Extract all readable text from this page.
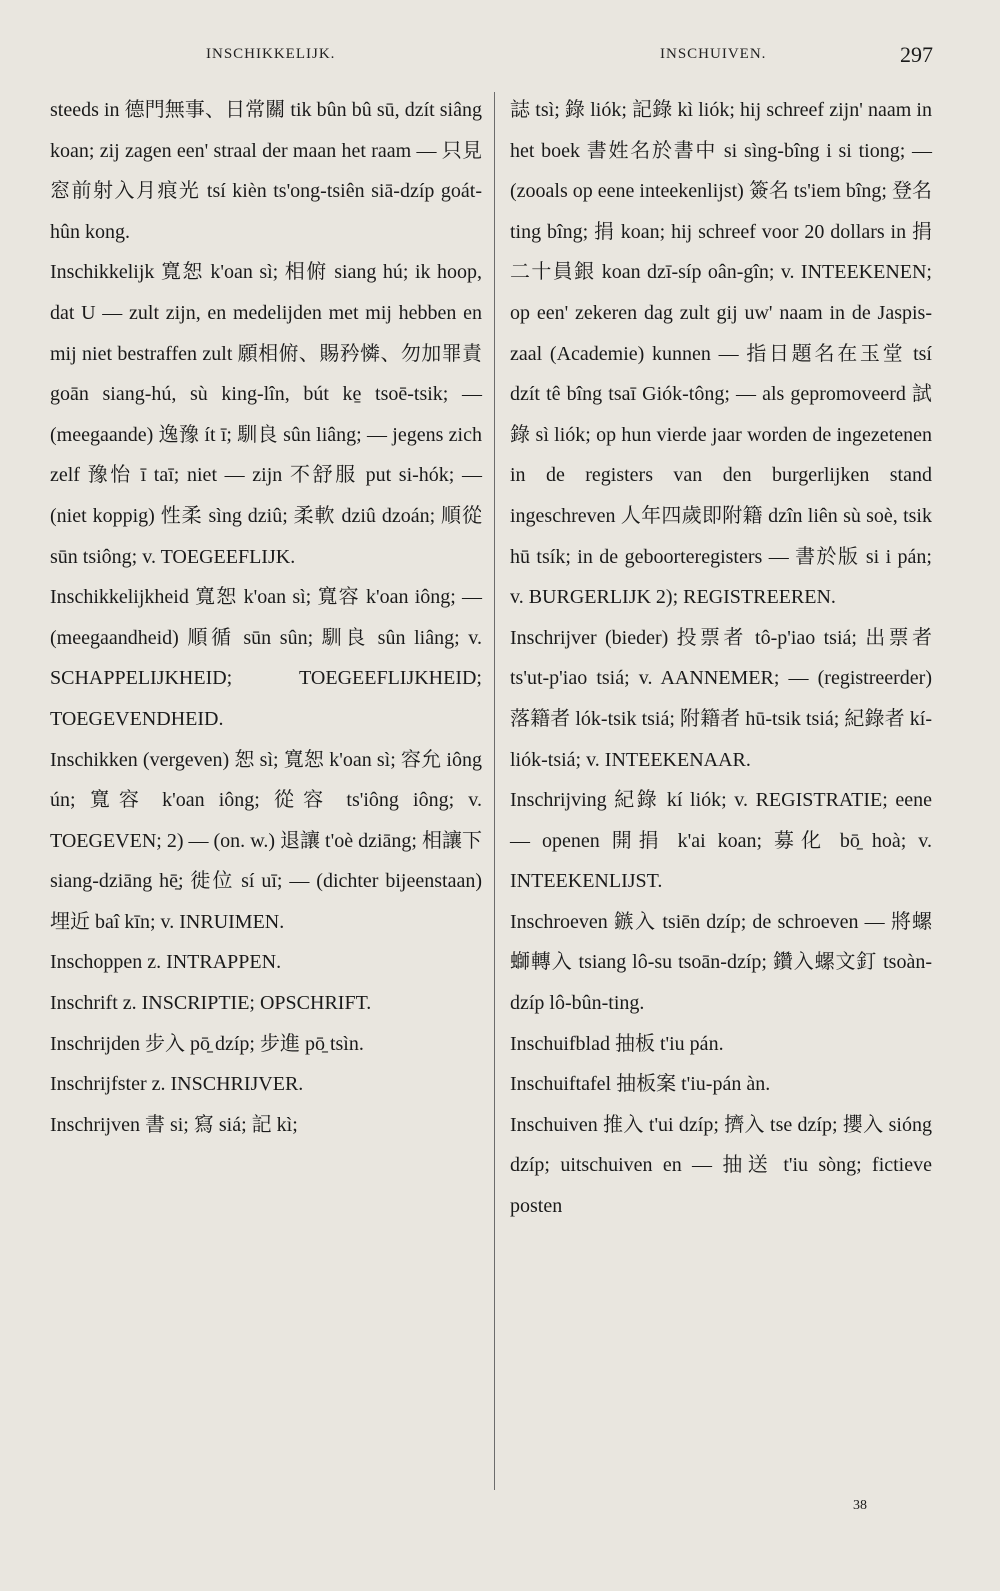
INSCHIKKELIJK.	INSCHUIVEN.	297

steeds in 德門無事、日常關 tik bûn bû sū, dzít siâng koan; zij zagen een' straal der maan het raam — 只見窓前射入月痕光 tsí kièn ts'ong-tsiên siā-dzíp goát-hûn kong.

Inschikkelijk 寬恕 k'oan sì; 相俯 siang hú; ik hoop, dat U — zult zijn, en medelijden met mij hebben en mij niet bestraffen zult 願相俯、賜矜憐、勿加罪責 goān siang-hú, sù king-lîn, bút ke̱ tsoē-tsik; — (meegaande) 逸豫 ít ī; 馴良 sûn liâng; — jegens zich zelf 豫怡 ī taī; niet — zijn 不舒服 put si-hók; — (niet koppig) 性柔 sìng dziû; 柔軟 dziû dzoán; 順從 sūn tsiông; v. TOEGEEFLIJK.

Inschikkelijkheid 寬恕 k'oan sì; 寬容 k'oan iông; — (meegaandheid) 順循 sūn sûn; 馴良 sûn liâng; v. SCHAPPELIJKHEID; TOEGEEFLIJKHEID; TOEGEVENDHEID.

Inschikken (vergeven) 恕 sì; 寬恕 k'oan sì; 容允 iông ún; 寬容 k'oan iông; 從容 ts'iông iông; v. TOEGEVEN; 2) — (on. w.) 退讓 t'oè dziāng; 相讓下 siang-dziāng hē̱; 徙位 sí uī; — (dichter bijeenstaan) 埋近 baî kīn; v. INRUIMEN.

Inschoppen z. INTRAPPEN.

Inschrift z. INSCRIPTIE; OPSCHRIFT.

Inschrijden 步入 pō̱ dzíp; 步進 pō̱ tsìn.

Inschrijfster z. INSCHRIJVER.

Inschrijven 書 si; 寫 siá; 記 kì;

誌 tsì; 錄 liók; 記錄 kì liók; hij schreef zijn' naam in het boek 書姓名於書中 si sìng-bîng i si tiong; — (zooals op eene inteekenlijst) 簽名 ts'iem bîng; 登名 ting bîng; 捐 koan; hij schreef voor 20 dollars in 捐二十員銀 koan dzī-síp oân-gîn; v. INTEEKENEN; op een' zekeren dag zult gij uw' naam in de Jaspis-zaal (Academie) kunnen — 指日題名在玉堂 tsí dzít tê bîng tsaī Giók-tông; — als gepromoveerd 試錄 sì liók; op hun vierde jaar worden de ingezetenen in de registers van den burgerlijken stand ingeschreven 人年四歲即附籍 dzîn liên sù soè, tsik hū tsík; in de geboorteregisters — 書於版 si i pán; v. BURGERLIJK 2); REGISTREEREN.

Inschrijver (bieder) 投票者 tô-p'iao tsiá; 出票者 ts'ut-p'iao tsiá; v. AANNEMER; — (registreerder) 落籍者 lók-tsik tsiá; 附籍者 hū-tsik tsiá; 紀錄者 kí-liók-tsiá; v. INTEEKENAAR.

Inschrijving 紀錄 kí liók; v. REGISTRATIE; eene — openen 開捐 k'ai koan; 募化 bō̱ hoà; v. INTEEKENLIJST.

Inschroeven 鏃入 tsiēn dzíp; de schroeven — 將螺螄轉入 tsiang lô-su tsoān-dzíp; 鑽入螺文釘 tsoàn-dzíp lô-bûn-ting.

Inschuifblad 抽板 t'iu pán.

Inschuiftafel 抽板案 t'iu-pán àn.

Inschuiven 推入 t'ui dzíp; 擠入 tse dzíp; 攖入 sióng dzíp; uitschuiven en — 抽送 t'iu sòng; fictieve posten

38
